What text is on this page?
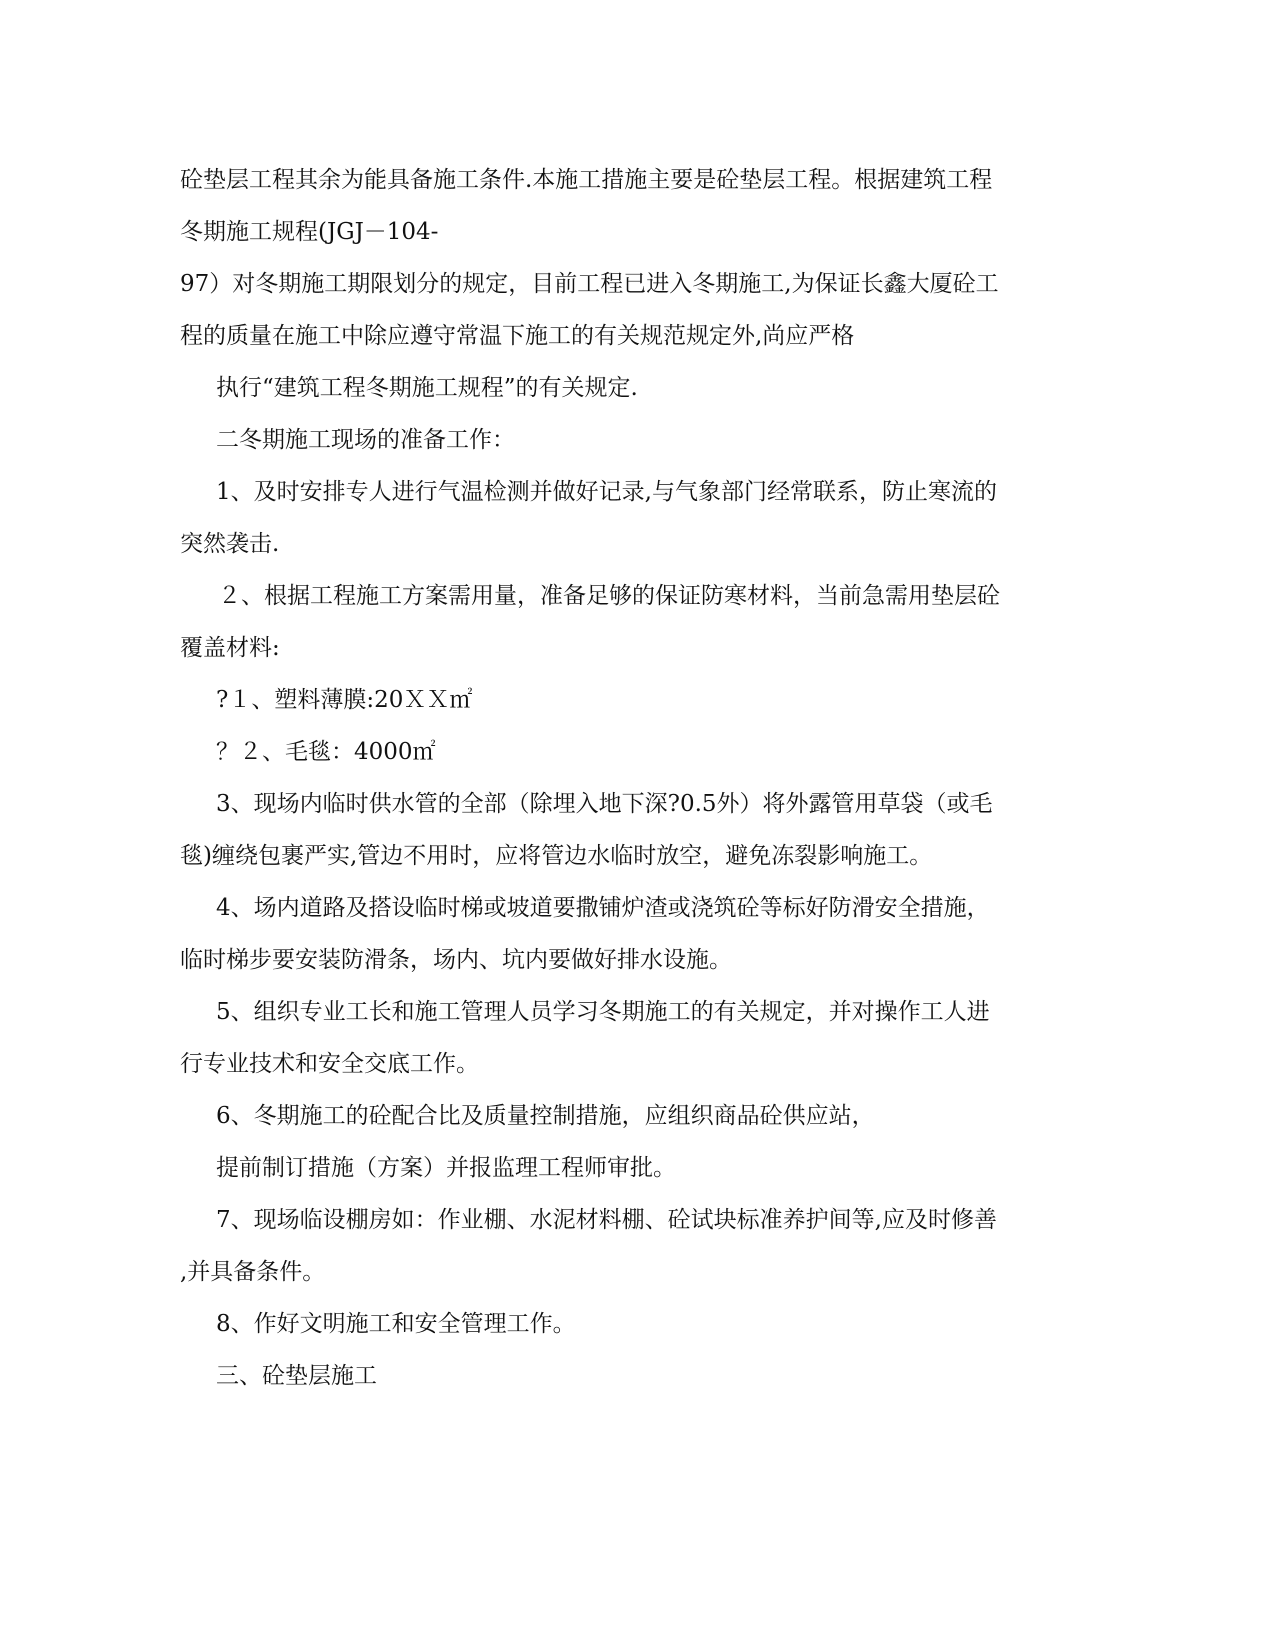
砼垫层工程其余为能具备施工条件.本施工措施主要是砼垫层工程。根据建筑工程
冬期施工规程(JGJ－104-
97）对冬期施工期限划分的规定，目前工程已进入冬期施工,为保证长鑫大厦砼工
程的质量在施工中除应遵守常温下施工的有关规范规定外,尚应严格
执行“建筑工程冬期施工规程”的有关规定.
二冬期施工现场的准备工作：
1、及时安排专人进行气温检测并做好记录,与气象部门经常联系，防止寒流的
突然袭击.
２、根据工程施工方案需用量，准备足够的保证防寒材料，当前急需用垫层砼
覆盖材料:
?１、塑料薄膜:20ＸＸ㎡
？２、毛毯：4000㎡
3、现场内临时供水管的全部（除埋入地下深?0.5外）将外露管用草袋（或毛
毯)缠绕包裹严实,管边不用时，应将管边水临时放空，避免冻裂影响施工。
4、场内道路及搭设临时梯或坡道要撒铺炉渣或浇筑砼等标好防滑安全措施，
临时梯步要安装防滑条，场内、坑内要做好排水设施。
5、组织专业工长和施工管理人员学习冬期施工的有关规定，并对操作工人进
行专业技术和安全交底工作。
6、冬期施工的砼配合比及质量控制措施，应组织商品砼供应站，
提前制订措施（方案）并报监理工程师审批。
7、现场临设棚房如：作业棚、水泥材料棚、砼试块标准养护间等,应及时修善
,并具备条件。
8、作好文明施工和安全管理工作。
三、砼垫层施工
